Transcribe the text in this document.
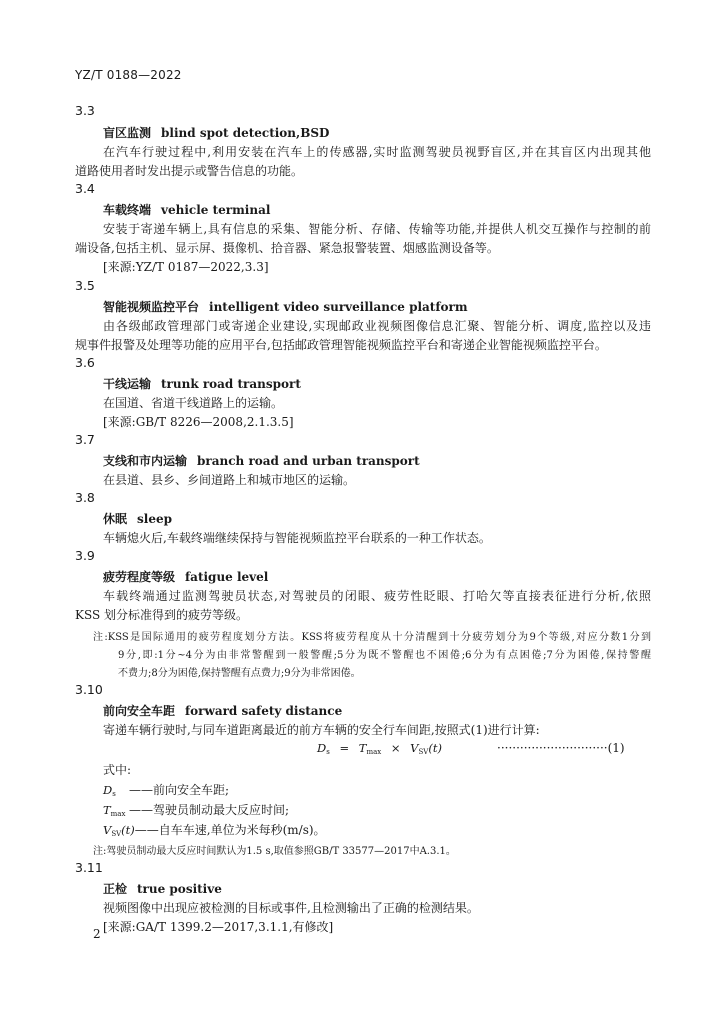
YZ/T 0188—2022
3.3
盲区监测 blind spot detection,BSD
在汽车行驶过程中,利用安装在汽车上的传感器,实时监测驾驶员视野盲区,并在其盲区内出现其他
道路使用者时发出提示或警告信息的功能。
3.4
车载终端 vehicle terminal
安装于寄递车辆上,具有信息的采集、智能分析、存储、传输等功能,并提供人机交互操作与控制的前
端设备,包括主机、显示屏、摄像机、拾音器、紧急报警装置、烟感监测设备等。
[来源:YZ/T 0187—2022,3.3]
3.5
智能视频监控平台 intelligent video surveillance platform
由各级邮政管理部门或寄递企业建设,实现邮政业视频图像信息汇聚、智能分析、调度,监控以及违
规事件报警及处理等功能的应用平台,包括邮政管理智能视频监控平台和寄递企业智能视频监控平台。
3.6
干线运输 trunk road transport
在国道、省道干线道路上的运输。
[来源:GB/T 8226—2008,2.1.3.5]
3.7
支线和市内运输 branch road and urban transport
在县道、县乡、乡间道路上和城市地区的运输。
3.8
休眠 sleep
车辆熄火后,车载终端继续保持与智能视频监控平台联系的一种工作状态。
3.9
疲劳程度等级 fatigue level
车载终端通过监测驾驶员状态,对驾驶员的闭眼、疲劳性眨眼、打哈欠等直接表征进行分析,依照
KSS 划分标准得到的疲劳等级。
注:KSS是国际通用的疲劳程度划分方法。KSS将疲劳程度从十分清醒到十分疲劳划分为9个等级,对应分数1分到
9分,即:1分~4分为由非常警醒到一般警醒;5分为既不警醒也不困倦;6分为有点困倦;7分为困倦,保持警醒
不费力;8分为困倦,保持警醒有点费力;9分为非常困倦。
3.10
前向安全车距 forward safety distance
寄递车辆行驶时,与同车道距离最近的前方车辆的安全行车间距,按照式(1)进行计算:
$D_s = T_{max} \times V_{SV}(t)$	·····························(1)
式中:
$D_s$ ——前向安全车距;
$T_{max}$ ——驾驶员制动最大反应时间;
$V_{SV}(t)——$自车车速,单位为米每秒(m/s)。
注:驾驶员制动最大反应时间默认为1.5 s,取值参照GB/T 33577—2017中A.3.1。
3.11
正检 true positive
视频图像中出现应被检测的目标或事件,且检测输出了正确的检测结果。
[来源:GA/T 1399.2—2017,3.1.1,有修改]
2
